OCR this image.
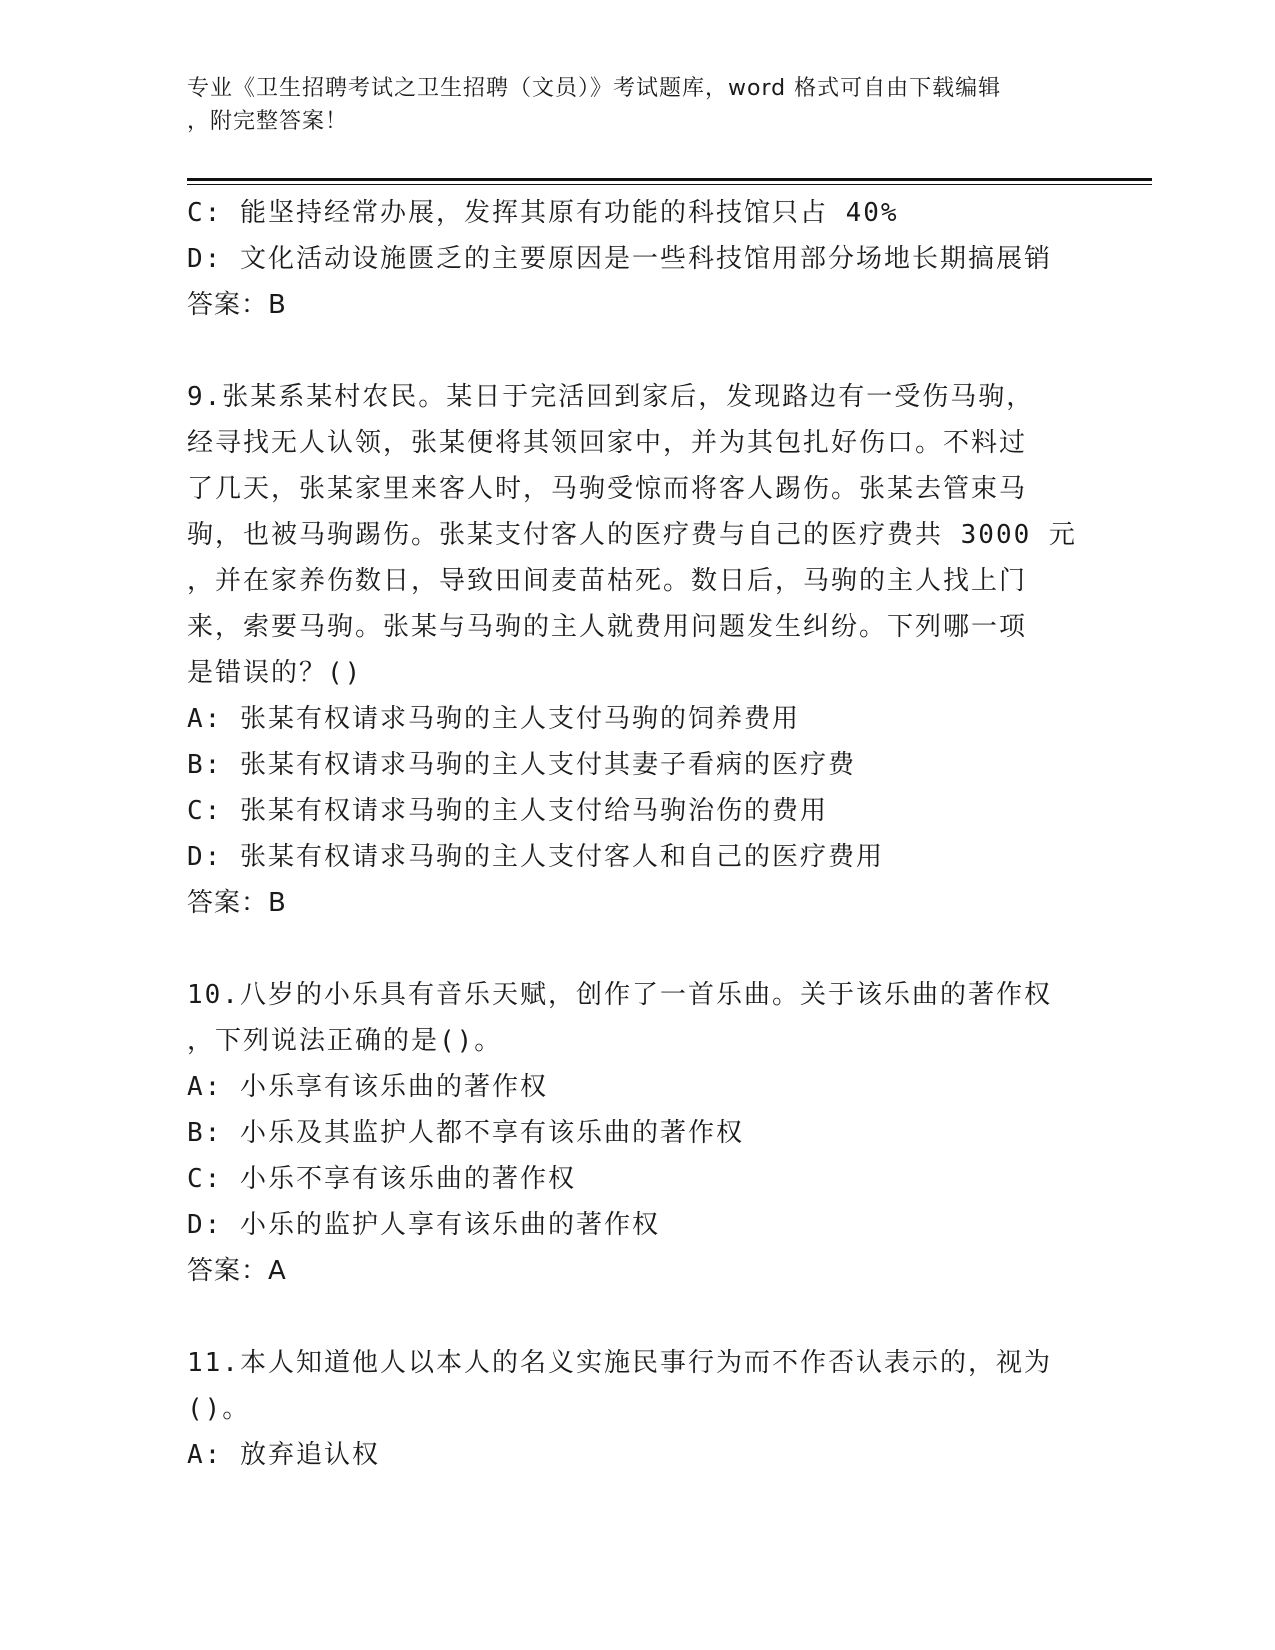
专业《卫生招聘考试之卫生招聘（文员）》考试题库，word 格式可自由下载编辑
，附完整答案！
C: 能坚持经常办展，发挥其原有功能的科技馆只占 40%
D: 文化活动设施匮乏的主要原因是一些科技馆用部分场地长期搞展销
答案：B
9.张某系某村农民。某日于完活回到家后，发现路边有一受伤马驹，
经寻找无人认领，张某便将其领回家中，并为其包扎好伤口。不料过
了几天，张某家里来客人时，马驹受惊而将客人踢伤。张某去管束马
驹，也被马驹踢伤。张某支付客人的医疗费与自己的医疗费共 3000 元
，并在家养伤数日，导致田间麦苗枯死。数日后，马驹的主人找上门
来，索要马驹。张某与马驹的主人就费用问题发生纠纷。下列哪一项
是错误的？()
A: 张某有权请求马驹的主人支付马驹的饲养费用
B: 张某有权请求马驹的主人支付其妻子看病的医疗费
C: 张某有权请求马驹的主人支付给马驹治伤的费用
D: 张某有权请求马驹的主人支付客人和自己的医疗费用
答案：B
10.八岁的小乐具有音乐天赋，创作了一首乐曲。关于该乐曲的著作权
，下列说法正确的是()。
A: 小乐享有该乐曲的著作权
B: 小乐及其监护人都不享有该乐曲的著作权
C: 小乐不享有该乐曲的著作权
D: 小乐的监护人享有该乐曲的著作权
答案：A
11.本人知道他人以本人的名义实施民事行为而不作否认表示的，视为
()。
A: 放弃追认权
